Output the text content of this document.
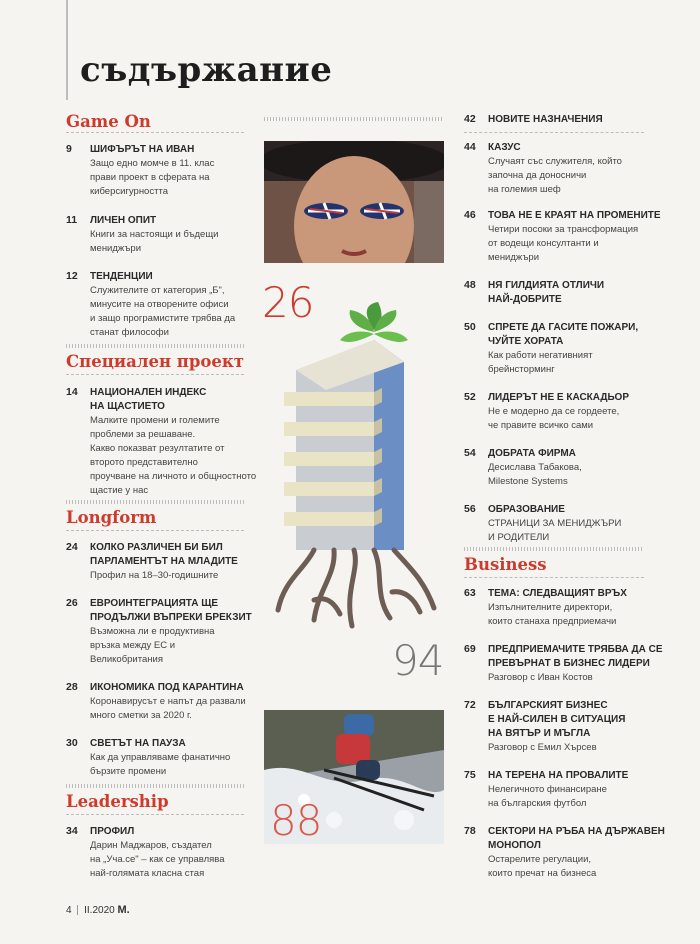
съдържание
Game On
9 ШИФЪРЪТ НА ИВАН
Защо едно момче в 11. клас
прави проект в сферата на
киберсигурността
11 ЛИЧЕН ОПИТ
Книги за настоящи и бъдещи
мениджъри
12 ТЕНДЕНЦИИ
Служителите от категория „Б",
минусите на отворените офиси
и защо програмистите трябва да
станат философи
Специален проект
14 НАЦИОНАЛЕН ИНДЕКС
НА ЩАСТИЕТО
Малките промени и големите
проблеми за решаване.
Какво показват резултатите от
второто представително
проучване на личното и общностното
щастие у нас
Longform
24 КОЛКО РАЗЛИЧЕН БИ БИЛ
ПАРЛАМЕНТЪТ НА МЛАДИТЕ
Профил на 18–30-годишните
26 ЕВРОИНТЕГРАЦИЯТА ЩЕ
ПРОДЪЛЖИ ВЪПРЕКИ БРЕКЗИТ
Възможна ли е продуктивна
връзка между ЕС и
Великобритания
28 ИКОНОМИКА ПОД КАРАНТИНА
Коронавирусът е напът да развали
много сметки за 2020 г.
30 СВЕТЪТ НА ПАУЗА
Как да управляваме фанатично
бързите промени
Leadership
34 ПРОФИЛ
Дарин Маджаров, създател
на „Уча.се" – как се управлява
най-голямата класна стая
26
94
88
42 НОВИТЕ НАЗНАЧЕНИЯ
44 КАЗУС
Случаят със служителя, който
започна да доносничи
на големия шеф
46 ТОВА НЕ Е КРАЯТ НА ПРОМЕНИТЕ
Четири посоки за трансформация
от водещи консултанти и
мениджъри
48 НЯ ГИЛДИЯТА ОТЛИЧИ
НАЙ-ДОБРИТЕ
50 СПРЕТЕ ДА ГАСИТЕ ПОЖАРИ,
ЧУЙТЕ ХОРАТА
Как работи негативният
брейнсторминг
52 ЛИДЕРЪТ НЕ Е КАСКАДЬОР
Не е модерно да се гордеете,
че правите всичко сами
54 ДОБРАТА ФИРМА
Десислава Табакова,
Milestone Systems
56 ОБРАЗОВАНИЕ
СТРАНИЦИ ЗА МЕНИДЖЪРИ
И РОДИТЕЛИ
Business
63 ТЕМА: СЛЕДВАЩИЯТ ВРЪХ
Изпълнителните директори,
които станаха предприемачи
69 ПРЕДПРИЕМАЧИТЕ ТРЯБВА ДА СЕ
ПРЕВЪРНАТ В БИЗНЕС ЛИДЕРИ
Разговор с Иван Костов
72 БЪЛГАРСКИЯТ БИЗНЕС
Е НАЙ-СИЛЕН В СИТУАЦИЯ
НА ВЯТЪР И МЪГЛА
Разговор с Емил Хърсев
75 НА ТЕРЕНА НА ПРОВАЛИТЕ
Нелегичното финансиране
на българския футбол
78 СЕКТОРИ НА РЪБА НА ДЪРЖАВЕН
МОНОПОЛ
Остарелите регулации,
които пречат на бизнеса
4 II.2020 М.
